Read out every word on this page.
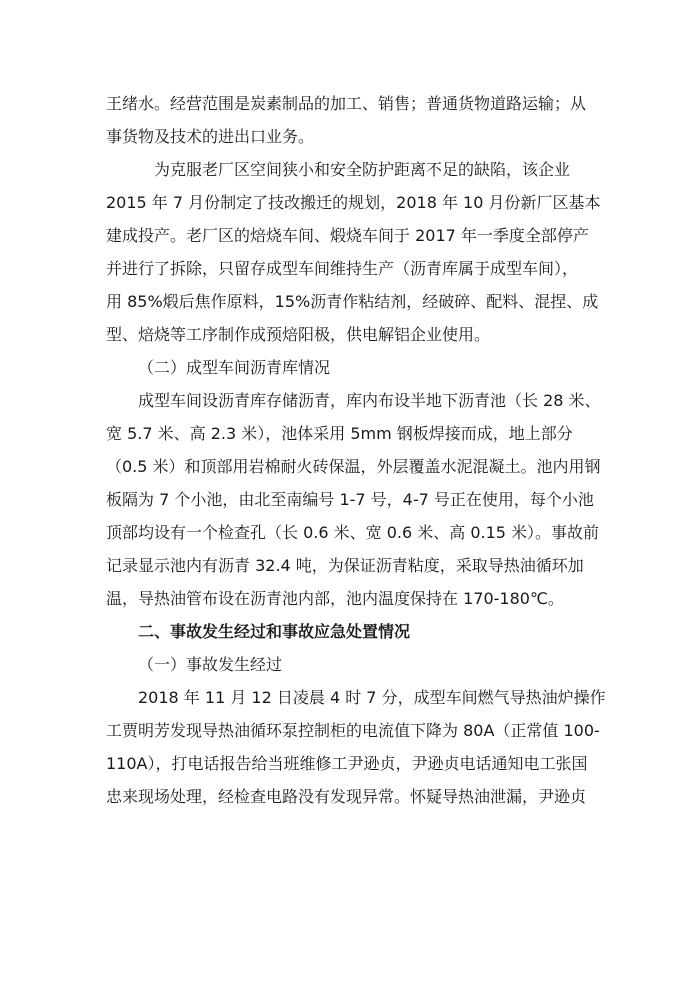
王绪水。经营范围是炭素制品的加工、销售；普通货物道路运输；从
事货物及技术的进出口业务。
为克服老厂区空间狭小和安全防护距离不足的缺陷，该企业
2015 年 7 月份制定了技改搬迁的规划，2018 年 10 月份新厂区基本
建成投产。老厂区的焙烧车间、煅烧车间于 2017 年一季度全部停产
并进行了拆除，只留存成型车间维持生产（沥青库属于成型车间），
用 85%煅后焦作原料，15%沥青作粘结剂，经破碎、配料、混捏、成
型、焙烧等工序制作成预焙阳极，供电解铝企业使用。
（二）成型车间沥青库情况
成型车间设沥青库存储沥青，库内布设半地下沥青池（长 28 米、
宽 5.7 米、高 2.3 米），池体采用 5mm 钢板焊接而成，地上部分
（0.5 米）和顶部用岩棉耐火砖保温，外层覆盖水泥混凝土。池内用钢
板隔为 7 个小池，由北至南编号 1-7 号，4-7 号正在使用，每个小池
顶部均设有一个检查孔（长 0.6 米、宽 0.6 米、高 0.15 米）。事故前
记录显示池内有沥青 32.4 吨，为保证沥青粘度，采取导热油循环加
温，导热油管布设在沥青池内部，池内温度保持在 170-180℃。
二、事故发生经过和事故应急处置情况
（一）事故发生经过
2018 年 11 月 12 日凌晨 4 时 7 分，成型车间燃气导热油炉操作
工贾明芳发现导热油循环泵控制柜的电流值下降为 80A（正常值 100-
110A），打电话报告给当班维修工尹逊贞，尹逊贞电话通知电工张国
忠来现场处理，经检查电路没有发现异常。怀疑导热油泄漏，尹逊贞
